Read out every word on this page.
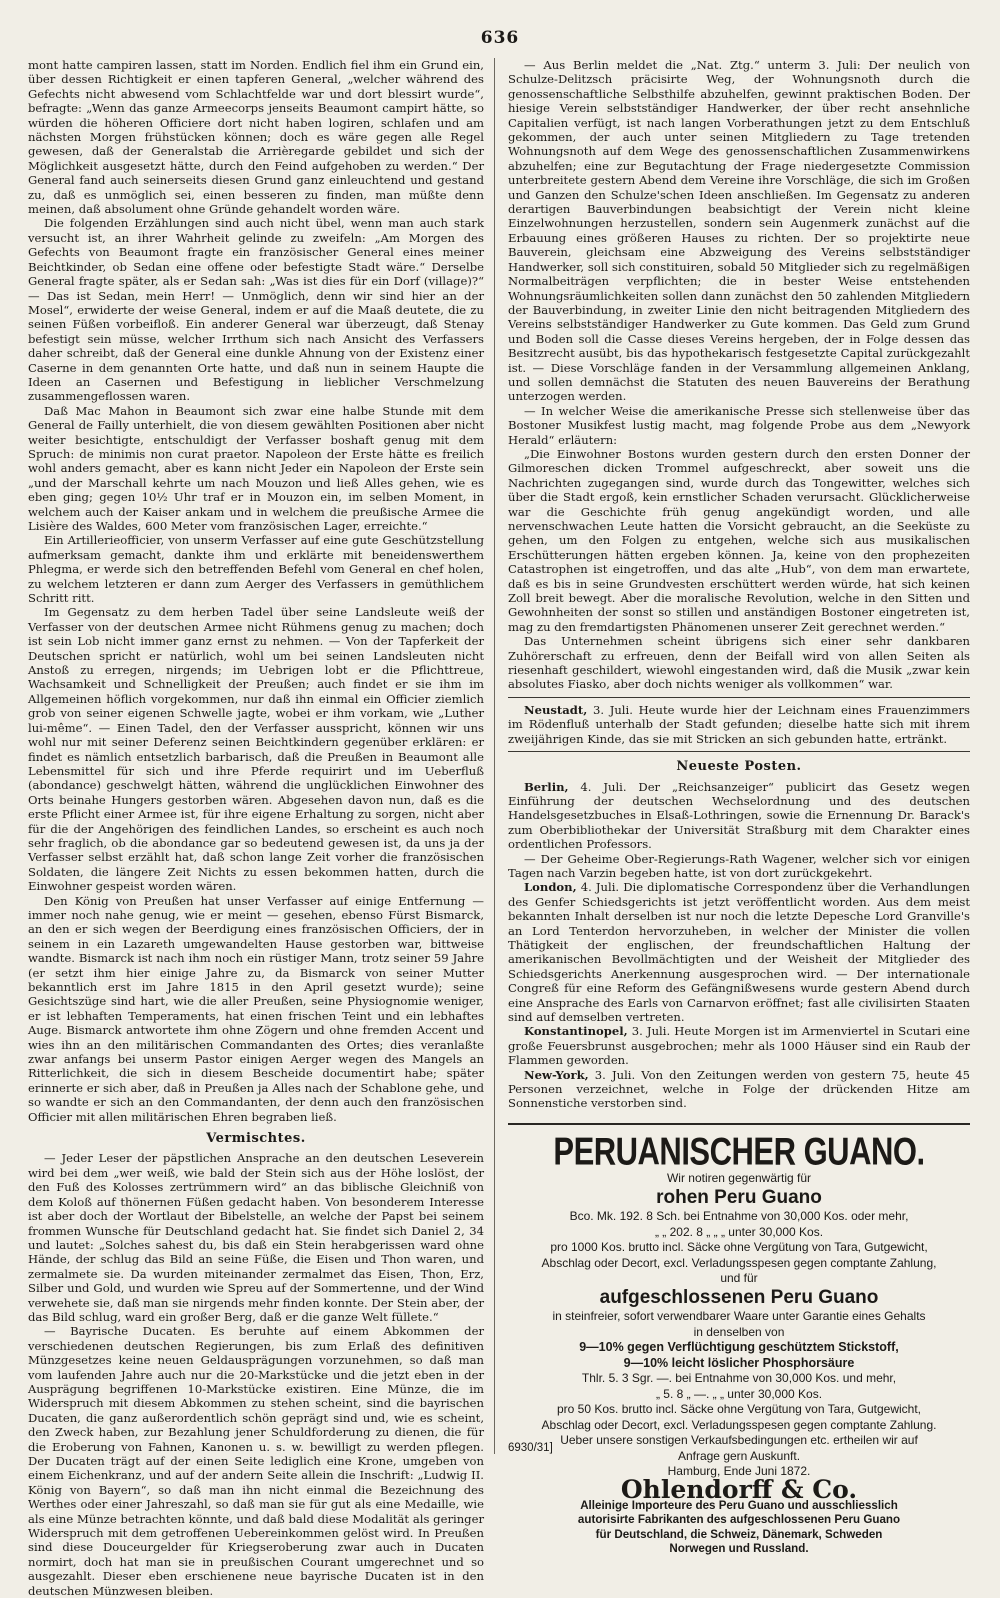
636

mont hatte campiren lassen, statt im Norden. Endlich fiel ihm ein Grund ein, über dessen Richtigkeit er einen tapferen General, „welcher während des Gefechts nicht abwesend vom Schlachtfelde war und dort blessirt wurde“, befragte: „Wenn das ganze Armeecorps jenseits Beaumont campirt hätte, so würden die höheren Officiere dort nicht haben logiren, schlafen und am nächsten Morgen frühstücken können; doch es wäre gegen alle Regel gewesen, daß der Generalstab die Arrièregarde gebildet und sich der Möglichkeit ausgesetzt hätte, durch den Feind aufgehoben zu werden.“ Der General fand auch seinerseits diesen Grund ganz einleuchtend und gestand zu, daß es unmöglich sei, einen besseren zu finden, man müßte denn meinen, daß absolument ohne Gründe gehandelt worden wäre.

Die folgenden Erzählungen sind auch nicht übel, wenn man auch stark versucht ist, an ihrer Wahrheit gelinde zu zweifeln: „Am Morgen des Gefechts von Beaumont fragte ein französischer General eines meiner Beichtkinder, ob Sedan eine offene oder befestigte Stadt wäre.“ Derselbe General fragte später, als er Sedan sah: „Was ist dies für ein Dorf (village)?“ — Das ist Sedan, mein Herr! — Unmöglich, denn wir sind hier an der Mosel“, erwiderte der weise General, indem er auf die Maaß deutete, die zu seinen Füßen vorbeifloß. Ein anderer General war überzeugt, daß Stenay befestigt sein müsse, welcher Irrthum sich nach Ansicht des Verfassers daher schreibt, daß der General eine dunkle Ahnung von der Existenz einer Caserne in dem genannten Orte hatte, und daß nun in seinem Haupte die Ideen an Casernen und Befestigung in lieblicher Verschmelzung zusammengeflossen waren.

Daß Mac Mahon in Beaumont sich zwar eine halbe Stunde mit dem General de Failly unterhielt, die von diesem gewählten Positionen aber nicht weiter besichtigte, entschuldigt der Verfasser boshaft genug mit dem Spruch: de minimis non curat praetor. Napoleon der Erste hätte es freilich wohl anders gemacht, aber es kann nicht Jeder ein Napoleon der Erste sein „und der Marschall kehrte um nach Mouzon und ließ Alles gehen, wie es eben ging; gegen 10½ Uhr traf er in Mouzon ein, im selben Moment, in welchem auch der Kaiser ankam und in welchem die preußische Armee die Lisière des Waldes, 600 Meter vom französischen Lager, erreichte.“

Ein Artillerieofficier, von unserm Verfasser auf eine gute Geschützstellung aufmerksam gemacht, dankte ihm und erklärte mit beneidenswerthem Phlegma, er werde sich den betreffenden Befehl vom General en chef holen, zu welchem letzteren er dann zum Aerger des Verfassers in gemüthlichem Schritt ritt.

Im Gegensatz zu dem herben Tadel über seine Landsleute weiß der Verfasser von der deutschen Armee nicht Rühmens genug zu machen; doch ist sein Lob nicht immer ganz ernst zu nehmen. — Von der Tapferkeit der Deutschen spricht er natürlich, wohl um bei seinen Landsleuten nicht Anstoß zu erregen, nirgends; im Uebrigen lobt er die Pflichttreue, Wachsamkeit und Schnelligkeit der Preußen; auch findet er sie ihm im Allgemeinen höflich vorgekommen, nur daß ihn einmal ein Officier ziemlich grob von seiner eigenen Schwelle jagte, wobei er ihm vorkam, wie „Luther lui-même“. — Einen Tadel, den der Verfasser ausspricht, können wir uns wohl nur mit seiner Deferenz seinen Beichtkindern gegenüber erklären: er findet es nämlich entsetzlich barbarisch, daß die Preußen in Beaumont alle Lebensmittel für sich und ihre Pferde requirirt und im Ueberfluß (abondance) geschwelgt hätten, während die unglücklichen Einwohner des Orts beinahe Hungers gestorben wären. Abgesehen davon nun, daß es die erste Pflicht einer Armee ist, für ihre eigene Erhaltung zu sorgen, nicht aber für die der Angehörigen des feindlichen Landes, so erscheint es auch noch sehr fraglich, ob die abondance gar so bedeutend gewesen ist, da uns ja der Verfasser selbst erzählt hat, daß schon lange Zeit vorher die französischen Soldaten, die längere Zeit Nichts zu essen bekommen hatten, durch die Einwohner gespeist worden wären.

Den König von Preußen hat unser Verfasser auf einige Entfernung — immer noch nahe genug, wie er meint — gesehen, ebenso Fürst Bismarck, an den er sich wegen der Beerdigung eines französischen Officiers, der in seinem in ein Lazareth umgewandelten Hause gestorben war, bittweise wandte. Bismarck ist nach ihm noch ein rüstiger Mann, trotz seiner 59 Jahre (er setzt ihm hier einige Jahre zu, da Bismarck von seiner Mutter bekanntlich erst im Jahre 1815 in den April gesetzt wurde); seine Gesichtszüge sind hart, wie die aller Preußen, seine Physiognomie weniger, er ist lebhaften Temperaments, hat einen frischen Teint und ein lebhaftes Auge. Bismarck antwortete ihm ohne Zögern und ohne fremden Accent und wies ihn an den militärischen Commandanten des Ortes; dies veranlaßte zwar anfangs bei unserm Pastor einigen Aerger wegen des Mangels an Ritterlichkeit, die sich in diesem Bescheide documentirt habe; später erinnerte er sich aber, daß in Preußen ja Alles nach der Schablone gehe, und so wandte er sich an den Commandanten, der denn auch den französischen Officier mit allen militärischen Ehren begraben ließ.

Vermischtes.

— Jeder Leser der päpstlichen Ansprache an den deutschen Leseverein wird bei dem „wer weiß, wie bald der Stein sich aus der Höhe loslöst, der den Fuß des Kolosses zertrümmern wird“ an das biblische Gleichniß von dem Koloß auf thönernen Füßen gedacht haben. Von besonderem Interesse ist aber doch der Wortlaut der Bibelstelle, an welche der Papst bei seinem frommen Wunsche für Deutschland gedacht hat. Sie findet sich Daniel 2, 34 und lautet: „Solches sahest du, bis daß ein Stein herabgerissen ward ohne Hände, der schlug das Bild an seine Füße, die Eisen und Thon waren, und zermalmete sie. Da wurden miteinander zermalmet das Eisen, Thon, Erz, Silber und Gold, und wurden wie Spreu auf der Sommertenne, und der Wind verwehete sie, daß man sie nirgends mehr finden konnte. Der Stein aber, der das Bild schlug, ward ein großer Berg, daß er die ganze Welt füllete.“

— Bayrische Ducaten. Es beruhte auf einem Abkommen der verschiedenen deutschen Regierungen, bis zum Erlaß des definitiven Münzgesetzes keine neuen Geldausprägungen vorzunehmen, so daß man vom laufenden Jahre auch nur die 20-Markstücke und die jetzt eben in der Ausprägung begriffenen 10-Markstücke existiren. Eine Münze, die im Widerspruch mit diesem Abkommen zu stehen scheint, sind die bayrischen Ducaten, die ganz außerordentlich schön geprägt sind und, wie es scheint, den Zweck haben, zur Bezahlung jener Schuldforderung zu dienen, die für die Eroberung von Fahnen, Kanonen u. s. w. bewilligt zu werden pflegen. Der Ducaten trägt auf der einen Seite lediglich eine Krone, umgeben von einem Eichenkranz, und auf der andern Seite allein die Inschrift: „Ludwig II. König von Bayern“, so daß man ihn nicht einmal die Bezeichnung des Werthes oder einer Jahreszahl, so daß man sie für gut als eine Medaille, wie als eine Münze betrachten könnte, und daß bald diese Modalität als geringer Widerspruch mit dem getroffenen Uebereinkommen gelöst wird. In Preußen sind diese Douceurgelder für Kriegseroberung zwar auch in Ducaten normirt, doch hat man sie in preußischen Courant umgerechnet und so ausgezahlt. Dieser eben erschienene neue bayrische Ducaten ist in den deutschen Münzwesen bleiben.

— Aus Berlin meldet die „Nat. Ztg.“ unterm 3. Juli: Der neulich von Schulze-Delitzsch präcisirte Weg, der Wohnungsnoth durch die genossenschaftliche Selbsthilfe abzuhelfen, gewinnt praktischen Boden. Der hiesige Verein selbstständiger Handwerker, der über recht ansehnliche Capitalien verfügt, ist nach langen Vorberathungen jetzt zu dem Entschluß gekommen, der auch unter seinen Mitgliedern zu Tage tretenden Wohnungsnoth auf dem Wege des genossenschaftlichen Zusammenwirkens abzuhelfen; eine zur Begutachtung der Frage niedergesetzte Commission unterbreitete gestern Abend dem Vereine ihre Vorschläge, die sich im Großen und Ganzen den Schulze'schen Ideen anschließen. Im Gegensatz zu anderen derartigen Bauverbindungen beabsichtigt der Verein nicht kleine Einzelwohnungen herzustellen, sondern sein Augenmerk zunächst auf die Erbauung eines größeren Hauses zu richten. Der so projektirte neue Bauverein, gleichsam eine Abzweigung des Vereins selbstständiger Handwerker, soll sich constituiren, sobald 50 Mitglieder sich zu regelmäßigen Normalbeiträgen verpflichten; die in bester Weise entstehenden Wohnungsräumlichkeiten sollen dann zunächst den 50 zahlenden Mitgliedern der Bauverbindung, in zweiter Linie den nicht beitragenden Mitgliedern des Vereins selbstständiger Handwerker zu Gute kommen. Das Geld zum Grund und Boden soll die Casse dieses Vereins hergeben, der in Folge dessen das Besitzrecht ausübt, bis das hypothekarisch festgesetzte Capital zurückgezahlt ist. — Diese Vorschläge fanden in der Versammlung allgemeinen Anklang, und sollen demnächst die Statuten des neuen Bauvereins der Berathung unterzogen werden.

— In welcher Weise die amerikanische Presse sich stellenweise über das Bostoner Musikfest lustig macht, mag folgende Probe aus dem „Newyork Herald“ erläutern:

„Die Einwohner Bostons wurden gestern durch den ersten Donner der Gilmoreschen dicken Trommel aufgeschreckt, aber soweit uns die Nachrichten zugegangen sind, wurde durch das Tongewitter, welches sich über die Stadt ergoß, kein ernstlicher Schaden verursacht. Glücklicherweise war die Geschichte früh genug angekündigt worden, und alle nervenschwachen Leute hatten die Vorsicht gebraucht, an die Seeküste zu gehen, um den Folgen zu entgehen, welche sich aus musikalischen Erschütterungen hätten ergeben können. Ja, keine von den prophezeiten Catastrophen ist eingetroffen, und das alte „Hub“, von dem man erwartete, daß es bis in seine Grundvesten erschüttert werden würde, hat sich keinen Zoll breit bewegt. Aber die moralische Revolution, welche in den Sitten und Gewohnheiten der sonst so stillen und anständigen Bostoner eingetreten ist, mag zu den fremdartigsten Phänomenen unserer Zeit gerechnet werden.“

Das Unternehmen scheint übrigens sich einer sehr dankbaren Zuhörerschaft zu erfreuen, denn der Beifall wird von allen Seiten als riesenhaft geschildert, wiewohl eingestanden wird, daß die Musik „zwar kein absolutes Fiasko, aber doch nichts weniger als vollkommen“ war.

Neustadt, 3. Juli. Heute wurde hier der Leichnam eines Frauenzimmers im Rödenfluß unterhalb der Stadt gefunden; dieselbe hatte sich mit ihrem zweijährigen Kinde, das sie mit Stricken an sich gebunden hatte, ertränkt.

Neueste Posten.

Berlin, 4. Juli. Der „Reichsanzeiger“ publicirt das Gesetz wegen Einführung der deutschen Wechselordnung und des deutschen Handelsgesetzbuches in Elsaß-Lothringen, sowie die Ernennung Dr. Barack's zum Oberbibliothekar der Universität Straßburg mit dem Charakter eines ordentlichen Professors.

— Der Geheime Ober-Regierungs-Rath Wagener, welcher sich vor einigen Tagen nach Varzin begeben hatte, ist von dort zurückgekehrt.

London, 4. Juli. Die diplomatische Correspondenz über die Verhandlungen des Genfer Schiedsgerichts ist jetzt veröffentlicht worden. Aus dem meist bekannten Inhalt derselben ist nur noch die letzte Depesche Lord Granville's an Lord Tenterdon hervorzuheben, in welcher der Minister die vollen Thätigkeit der englischen, der freundschaftlichen Haltung der amerikanischen Bevollmächtigten und der Weisheit der Mitglieder des Schiedsgerichts Anerkennung ausgesprochen wird. — Der internationale Congreß für eine Reform des Gefängnißwesens wurde gestern Abend durch eine Ansprache des Earls von Carnarvon eröffnet; fast alle civilisirten Staaten sind auf demselben vertreten.

Konstantinopel, 3. Juli. Heute Morgen ist im Armenviertel in Scutari eine große Feuersbrunst ausgebrochen; mehr als 1000 Häuser sind ein Raub der Flammen geworden.

New-York, 3. Juli. Von den Zeitungen werden von gestern 75, heute 45 Personen verzeichnet, welche in Folge der drückenden Hitze am Sonnenstiche verstorben sind.

PERUANISCHER GUANO.
Wir notiren gegenwärtig für
rohen Peru Guano
Bco. Mk. 192. 8 Sch. bei Entnahme von 30,000 Kos. oder mehr,
„ „ 202. 8 „ „ „ unter 30,000 Kos.
pro 1000 Kos. brutto incl. Säcke ohne Vergütung von Tara, Gutgewicht,
Abschlag oder Decort, excl. Verladungsspesen gegen comptante Zahlung,
und für
aufgeschlossenen Peru Guano
in steinfreier, sofort verwendbarer Waare unter Garantie eines Gehalts
in denselben von
9—10% gegen Verflüchtigung geschütztem Stickstoff,
9—10% leicht löslicher Phosphorsäure
Thlr. 5. 3 Sgr. —. bei Entnahme von 30,000 Kos. und mehr,
„ 5. 8 „ —. „ „ unter 30,000 Kos.
pro 50 Kos. brutto incl. Säcke ohne Vergütung von Tara, Gutgewicht,
Abschlag oder Decort, excl. Verladungsspesen gegen comptante Zahlung.
Ueber unsere sonstigen Verkaufsbedingungen etc. ertheilen wir auf
Anfrage gern Auskunft.
Hamburg, Ende Juni 1872.
Ohlendorff & Co.
Alleinige Importeure des Peru Guano und ausschliesslich
autorisirte Fabrikanten des aufgeschlossenen Peru Guano
für Deutschland, die Schweiz, Dänemark, Schweden
Norwegen und Russland.
6930/31]
